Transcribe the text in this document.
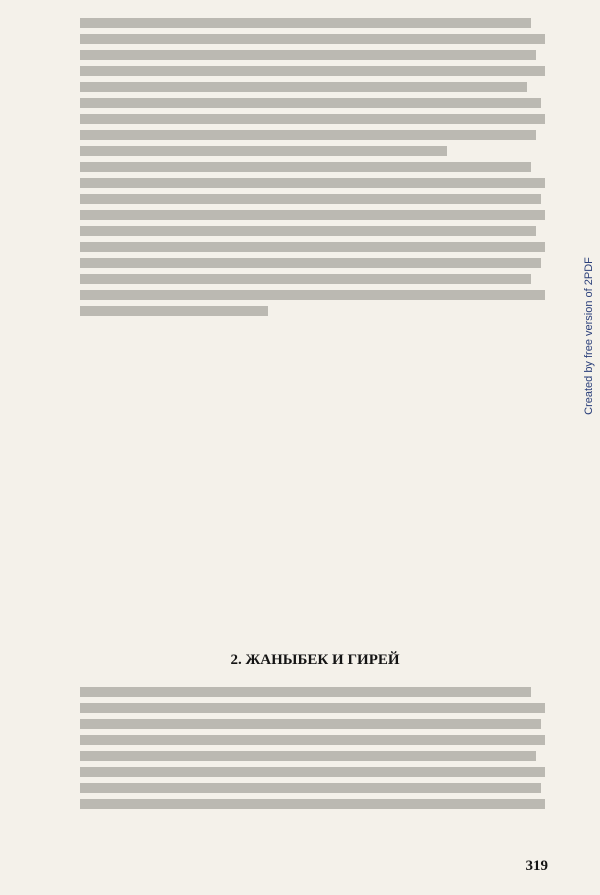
2. ЖАНЫБЕК И ГИРЕЙ
319
Created by free version of 2PDF
